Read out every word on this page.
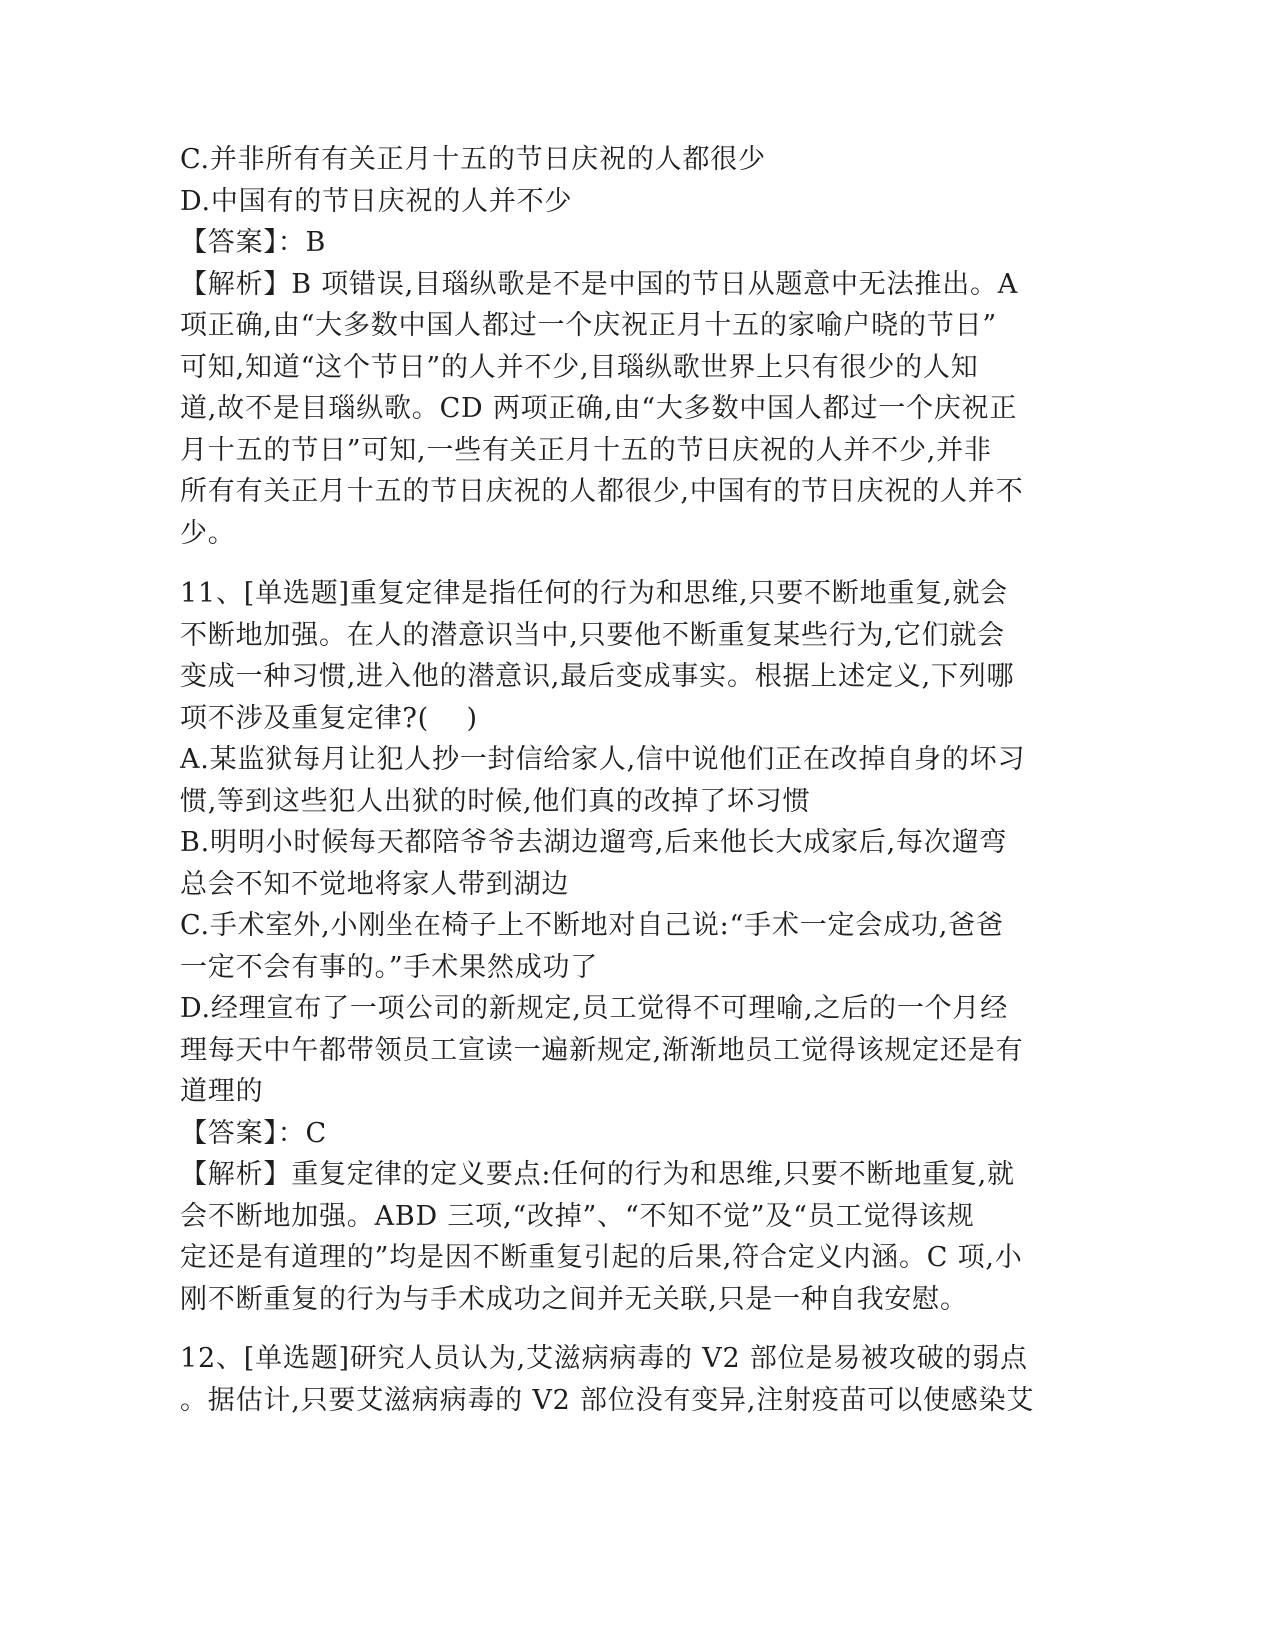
C.并非所有有关正月十五的节日庆祝的人都很少
D.中国有的节日庆祝的人并不少
【答案】：B
【解析】B 项错误,目瑙纵歌是不是中国的节日从题意中无法推出。A
项正确,由“大多数中国人都过一个庆祝正月十五的家喻户晓的节日”
可知,知道“这个节日”的人并不少,目瑙纵歌世界上只有很少的人知
道,故不是目瑙纵歌。CD 两项正确,由“大多数中国人都过一个庆祝正
月十五的节日”可知,一些有关正月十五的节日庆祝的人并不少,并非
所有有关正月十五的节日庆祝的人都很少,中国有的节日庆祝的人并不
少。
11、[单选题]重复定律是指任何的行为和思维,只要不断地重复,就会
不断地加强。在人的潜意识当中,只要他不断重复某些行为,它们就会
变成一种习惯,进入他的潜意识,最后变成事实。根据上述定义,下列哪
项不涉及重复定律?(    )
A.某监狱每月让犯人抄一封信给家人,信中说他们正在改掉自身的坏习
惯,等到这些犯人出狱的时候,他们真的改掉了坏习惯
B.明明小时候每天都陪爷爷去湖边遛弯,后来他长大成家后,每次遛弯
总会不知不觉地将家人带到湖边
C.手术室外,小刚坐在椅子上不断地对自己说:“手术一定会成功,爸爸
一定不会有事的。”手术果然成功了
D.经理宣布了一项公司的新规定,员工觉得不可理喻,之后的一个月经
理每天中午都带领员工宣读一遍新规定,渐渐地员工觉得该规定还是有
道理的
【答案】：C
【解析】重复定律的定义要点:任何的行为和思维,只要不断地重复,就
会不断地加强。ABD 三项,“改掉”、“不知不觉”及“员工觉得该规
定还是有道理的”均是因不断重复引起的后果,符合定义内涵。C 项,小
刚不断重复的行为与手术成功之间并无关联,只是一种自我安慰。
12、[单选题]研究人员认为,艾滋病病毒的 V2 部位是易被攻破的弱点
。据估计,只要艾滋病病毒的 V2 部位没有变异,注射疫苗可以使感染艾
